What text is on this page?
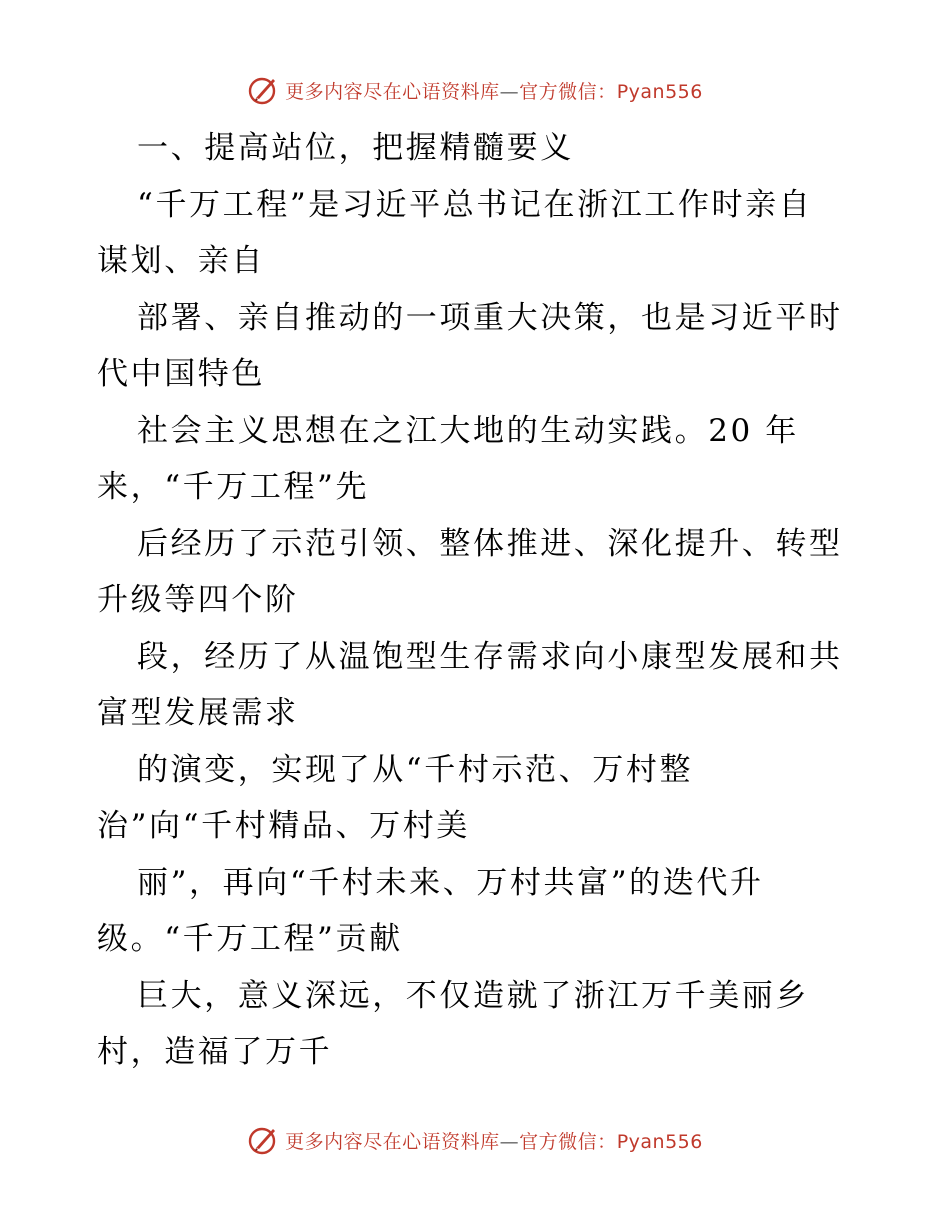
更多内容尽在心语资料库—官方微信：Pyan556
一、提高站位，把握精髓要义
“千万工程”是习近平总书记在浙江工作时亲自
谋划、亲自
部署、亲自推动的一项重大决策，也是习近平时
代中国特色
社会主义思想在之江大地的生动实践。20 年
来，“千万工程”先
后经历了示范引领、整体推进、深化提升、转型
升级等四个阶
段，经历了从温饱型生存需求向小康型发展和共
富型发展需求
的演变，实现了从“千村示范、万村整
治”向“千村精品、万村美
丽”，再向“千村未来、万村共富”的迭代升
级。“千万工程”贡献
巨大，意义深远，不仅造就了浙江万千美丽乡
村，造福了万千
更多内容尽在心语资料库—官方微信：Pyan556
